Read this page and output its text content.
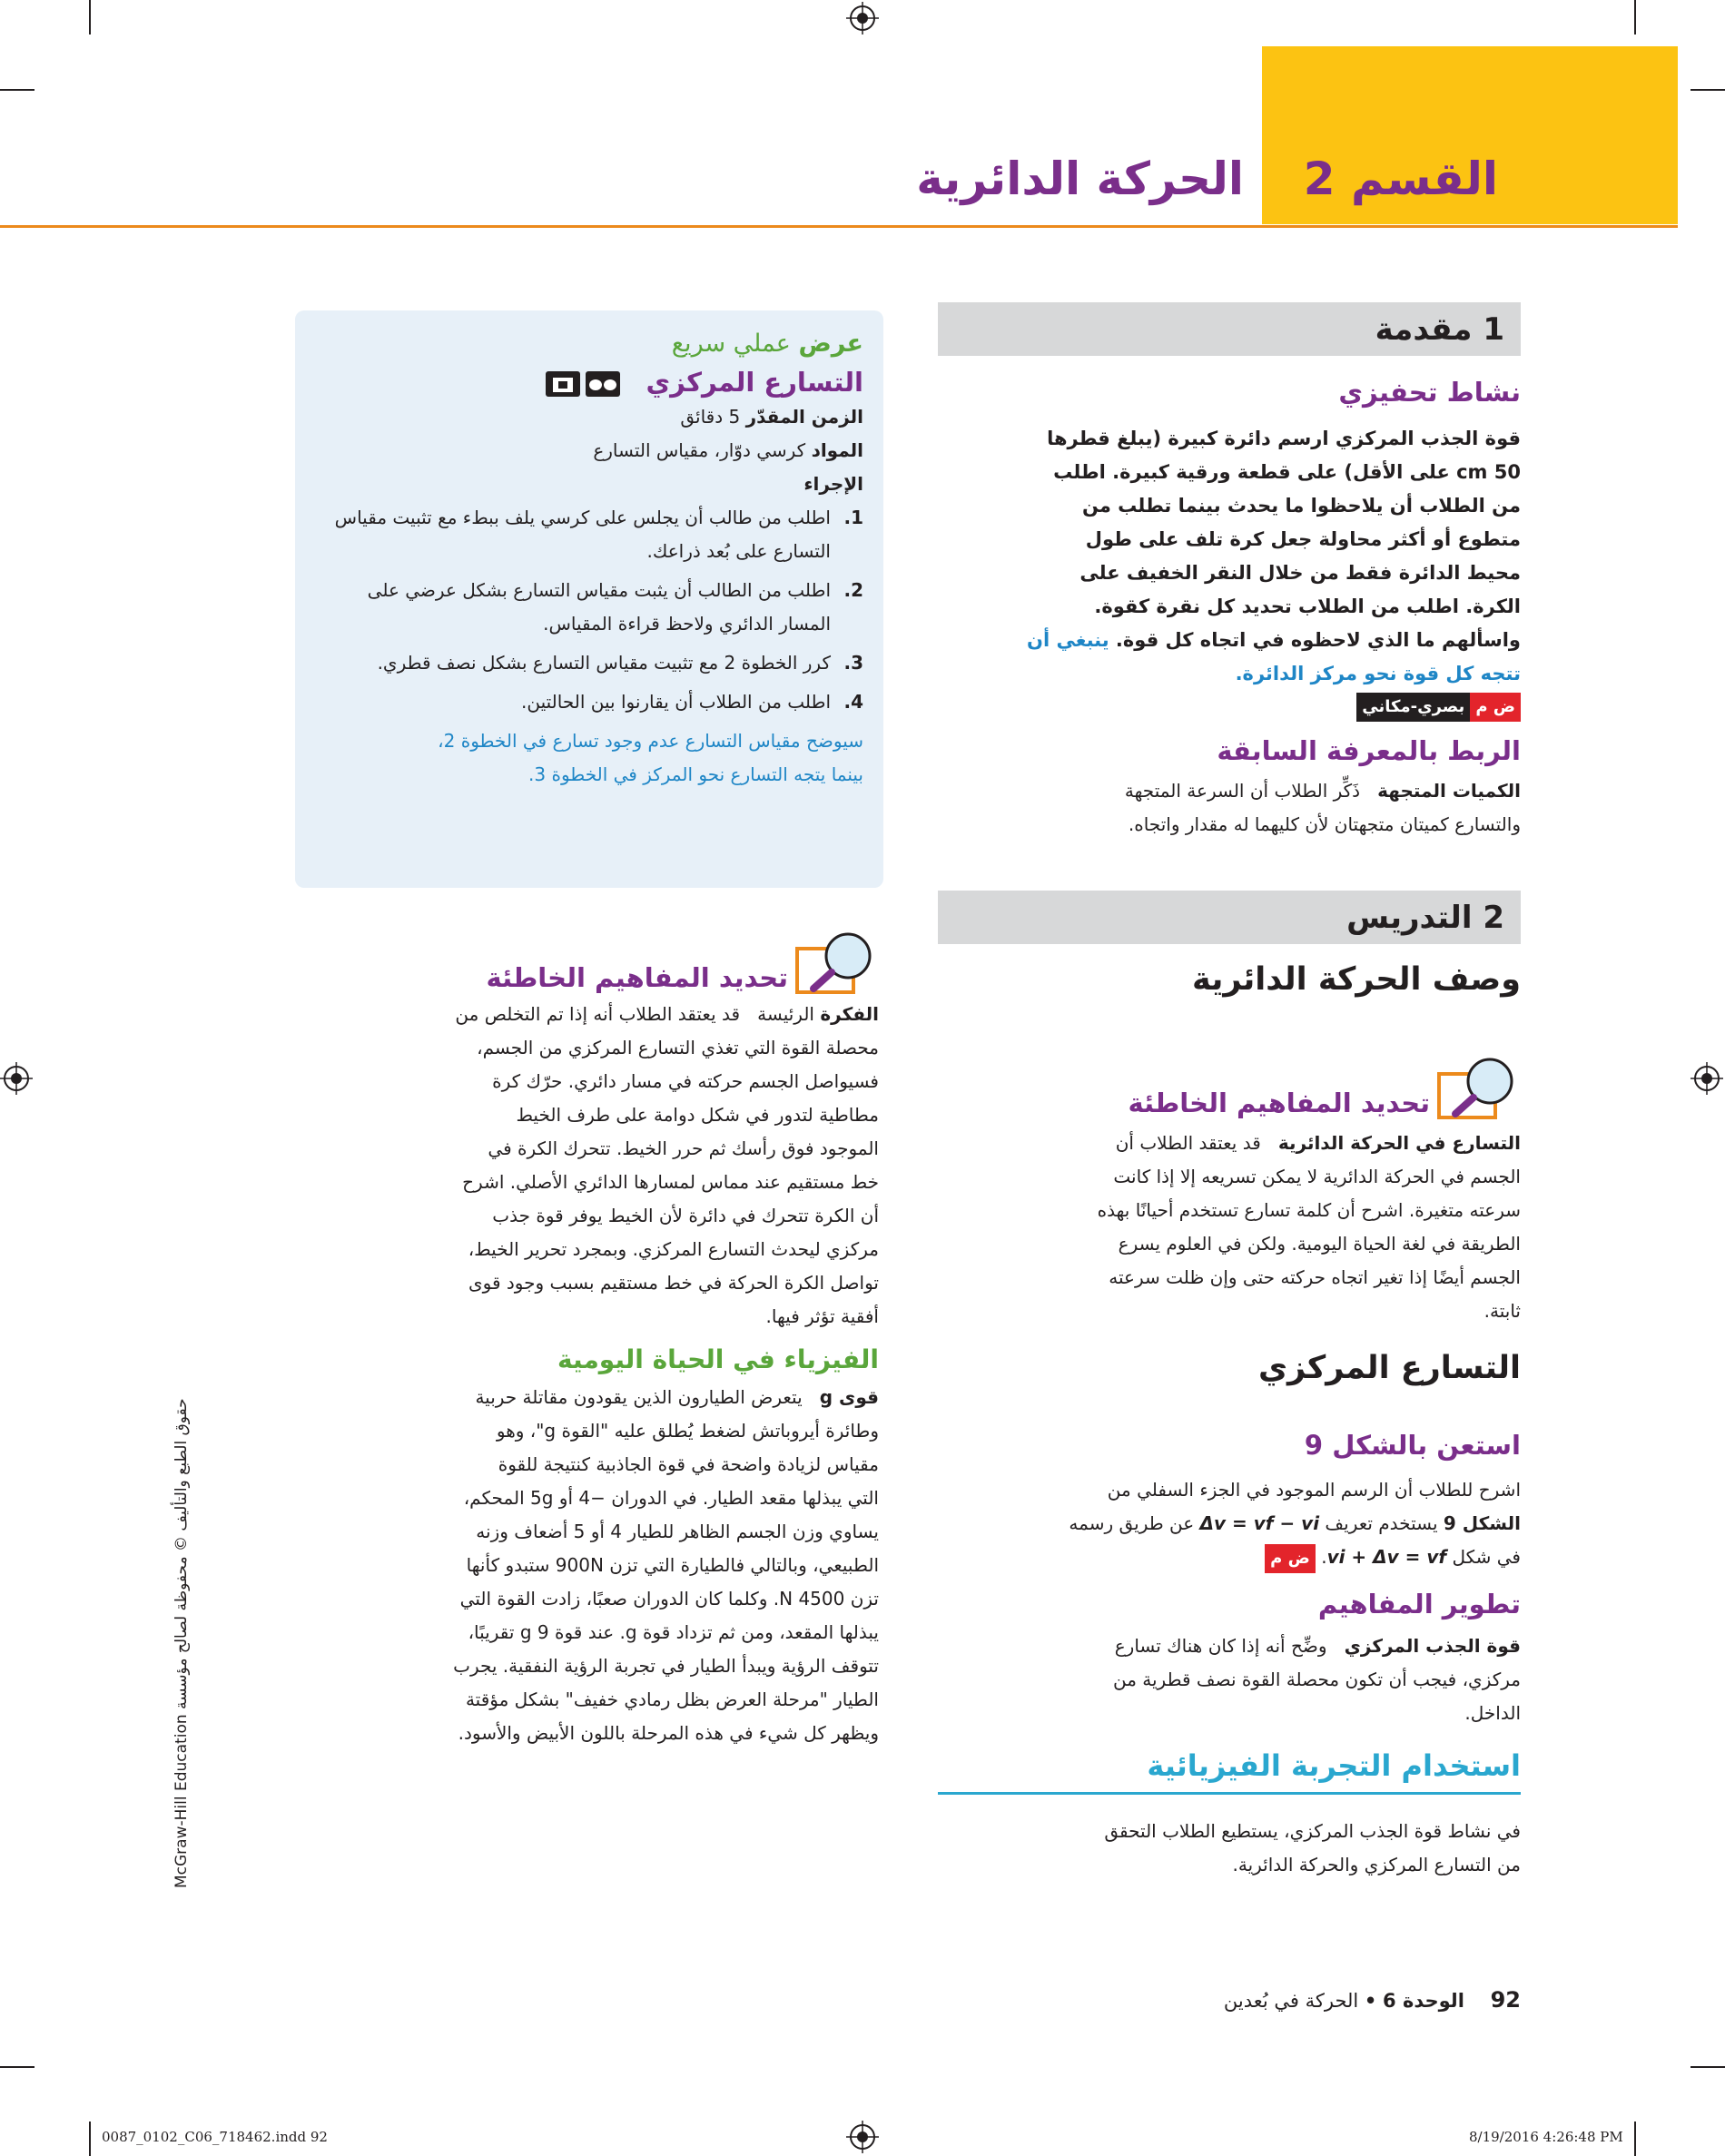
0087_0102_C06_718462.indd 92	8/19/2016 4:26:48 PM
القسم 2
الحركة الدائرية
1 مقدمة
نشاط تحفيزي
قوة الجذب المركزي ارسم دائرة كبيرة (يبلغ قطرها
50 cm على الأقل) على قطعة ورقية كبيرة. اطلب
من الطلاب أن يلاحظوا ما يحدث بينما تطلب من
متطوع أو أكثر محاولة جعل كرة تلف على طول
محيط الدائرة فقط من خلال النقر الخفيف على
الكرة. اطلب من الطلاب تحديد كل نقرة كقوة.
واسألهم ما الذي لاحظوه في اتجاه كل قوة. ينبغي أن
تتجه كل قوة نحو مركز الدائرة.
ض مبصري-مكاني
الربط بالمعرفة السابقة
الكميات المتجهة   ذَكِّر الطلاب أن السرعة المتجهة
والتسارع كميتان متجهتان لأن كليهما له مقدار واتجاه.
2 التدريس
وصف الحركة الدائرية
تحديد المفاهيم الخاطئة
التسارع في الحركة الدائرية   قد يعتقد الطلاب أن
الجسم في الحركة الدائرية لا يمكن تسريعه إلا إذا كانت
سرعته متغيرة. اشرح أن كلمة تسارع تستخدم أحيانًا بهذه
الطريقة في لغة الحياة اليومية. ولكن في العلوم يسرع
الجسم أيضًا إذا تغير اتجاه حركته حتى وإن ظلت سرعته
ثابتة.
التسارع المركزي
استعن بالشكل 9
اشرح للطلاب أن الرسم الموجود في الجزء السفلي من
الشكل 9 يستخدم تعريف Δv = vf − vi عن طريق رسمه
في شكل vi + Δv = vf. ض م
تطوير المفاهيم
قوة الجذب المركزي   وضِّح أنه إذا كان هناك تسارع
مركزي، فيجب أن تكون محصلة القوة نصف قطرية من
الداخل.
استخدام التجربة الفيزيائية
في نشاط قوة الجذب المركزي، يستطيع الطلاب التحقق
من التسارع المركزي والحركة الدائرية.
عرض عملي سريع
التسارع المركزي
الزمن المقدّر 5 دقائق
المواد كرسي دوّار، مقياس التسارع
الإجراء
1.
اطلب من طالب أن يجلس على كرسي يلف ببطء مع تثبيت مقياس التسارع على بُعد ذراعك.
2.
اطلب من الطالب أن يثبت مقياس التسارع بشكل عرضي على المسار الدائري ولاحظ قراءة المقياس.
3.
كرر الخطوة 2 مع تثبيت مقياس التسارع بشكل نصف قطري.
4.
اطلب من الطلاب أن يقارنوا بين الحالتين.
سيوضح مقياس التسارع عدم وجود تسارع في الخطوة 2،
بينما يتجه التسارع نحو المركز في الخطوة 3.
تحديد المفاهيم الخاطئة
الفكرة الرئيسة   قد يعتقد الطلاب أنه إذا تم التخلص من
محصلة القوة التي تغذي التسارع المركزي من الجسم،
فسيواصل الجسم حركته في مسار دائري. حرّك كرة
مطاطية لتدور في شكل دوامة على طرف الخيط
الموجود فوق رأسك ثم حرر الخيط. تتحرك الكرة في
خط مستقيم عند مماس لمسارها الدائري الأصلي. اشرح
أن الكرة تتحرك في دائرة لأن الخيط يوفر قوة جذب
مركزي ليحدث التسارع المركزي. وبمجرد تحرير الخيط،
تواصل الكرة الحركة في خط مستقيم بسبب وجود قوى
أفقية تؤثر فيها.
الفيزياء في الحياة اليومية
قوى g   يتعرض الطيارون الذين يقودون مقاتلة حربية
وطائرة أيروباتش لضغط يُطلق عليه "القوة g"، وهو
مقياس لزيادة واضحة في قوة الجاذبية كنتيجة للقوة
التي يبذلها مقعد الطيار. في الدوران −4 أو 5g المحكم،
يساوي وزن الجسم الظاهر للطيار 4 أو 5 أضعاف وزنه
الطبيعي، وبالتالي فالطيارة التي تزن 900N ستبدو كأنها
تزن 4500 N. وكلما كان الدوران صعبًا، زادت القوة التي
يبذلها المقعد، ومن ثم تزداد قوة g. عند قوة 9 g تقريبًا،
تتوقف الرؤية ويبدأ الطيار في تجربة الرؤية النفقية. يجرب
الطيار "مرحلة العرض بظل رمادي خفيف" بشكل مؤقتة
ويظهر كل شيء في هذه المرحلة باللون الأبيض والأسود.
حقوق الطبع والتأليف © محفوظة لصالح مؤسسة McGraw-Hill Education
92 الوحدة 6 • الحركة في بُعدين
